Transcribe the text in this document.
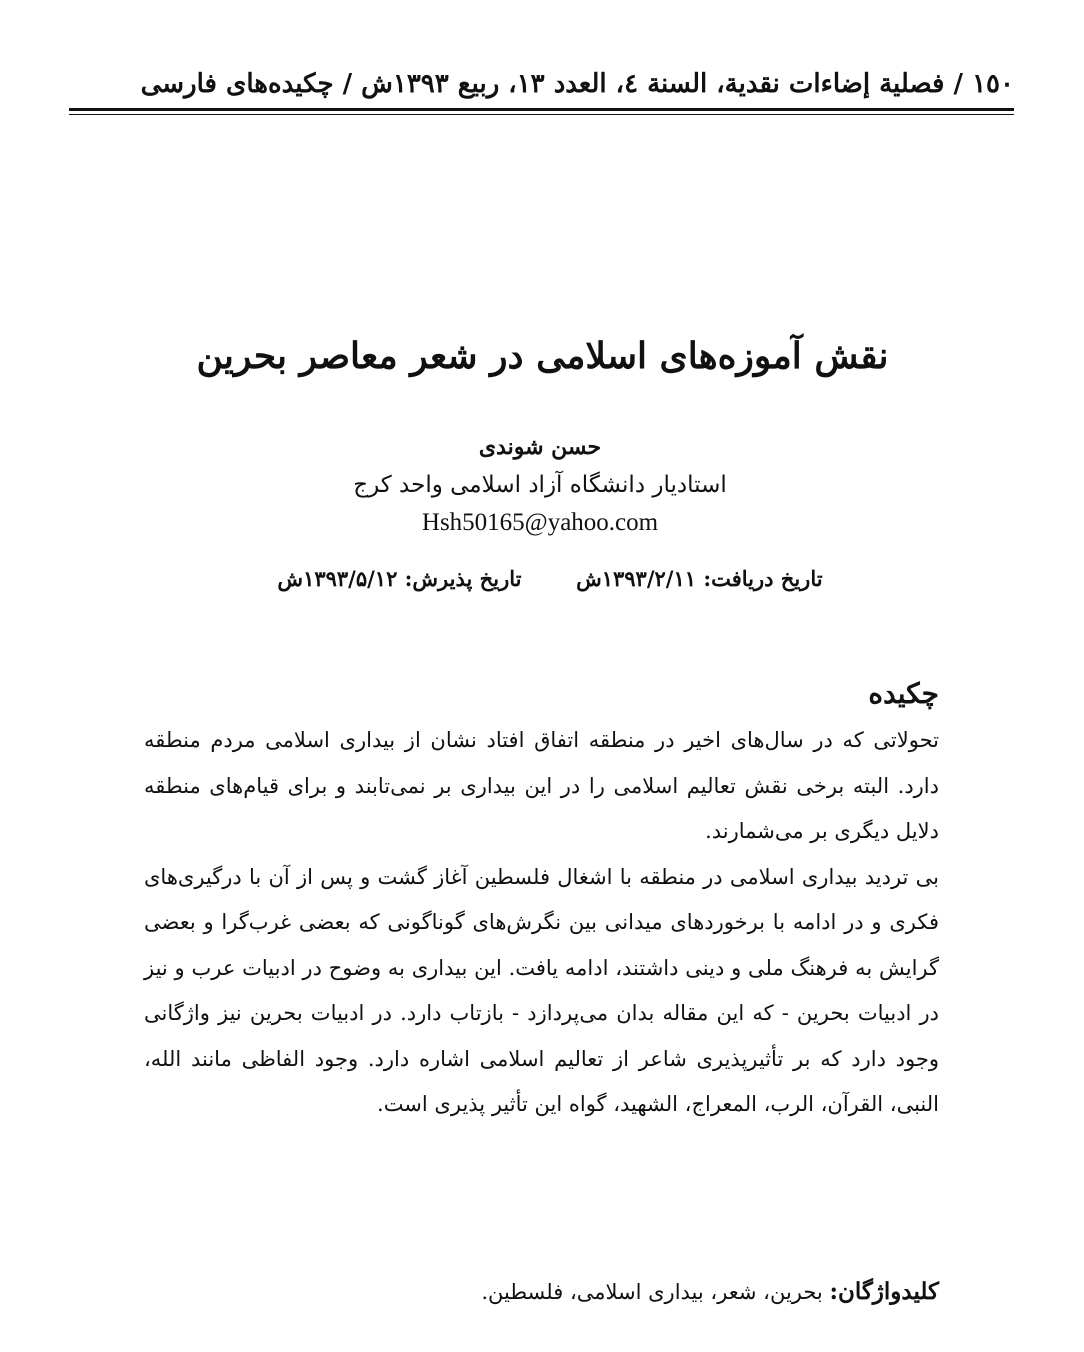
١٥٠ / فصلية إضاءات نقدية، السنة ٤، العدد ١٣، ربيع ١٣٩٣ش / چکیده‌های فارسی
نقش آموزه‌های اسلامی در شعر معاصر بحرین
حسن شوندی
استادیار دانشگاه آزاد اسلامی واحد کرج
Hsh50165@yahoo.com
تاریخ دریافت: ۱۳۹۳/۲/۱۱ش  تاریخ پذیرش: ۱۳۹۳/۵/۱۲ش
چکیده

تحولاتی که در سال‌های اخیر در منطقه اتفاق افتاد نشان از بیداری اسلامی مردم منطقه دارد. البته برخی نقش تعالیم اسلامی را در این بیداری بر نمی‌تابند و برای قیام‌های منطقه دلایل دیگری بر می‌شمارند.

بی تردید بیداری اسلامی در منطقه با اشغال فلسطین آغاز گشت و پس از آن با درگیری‌های فکری و در ادامه با برخوردهای میدانی بین نگرش‌های گوناگونی که بعضی غرب‌گرا و بعضی گرایش به فرهنگ ملی و دینی داشتند، ادامه یافت. این بیداری به وضوح در ادبیات عرب و نیز در ادبیات بحرین - که این مقاله بدان می‌پردازد - بازتاب دارد. در ادبیات بحرین نیز واژگانی وجود دارد که بر تأثیرپذیری شاعر از تعالیم اسلامی اشاره دارد. وجود الفاظی مانند الله، النبی، القرآن، الرب، المعراج، الشهید، گواه این تأثیر پذیری است.

کلیدواژگان: بحرین، شعر، بیداری اسلامی، فلسطین.
